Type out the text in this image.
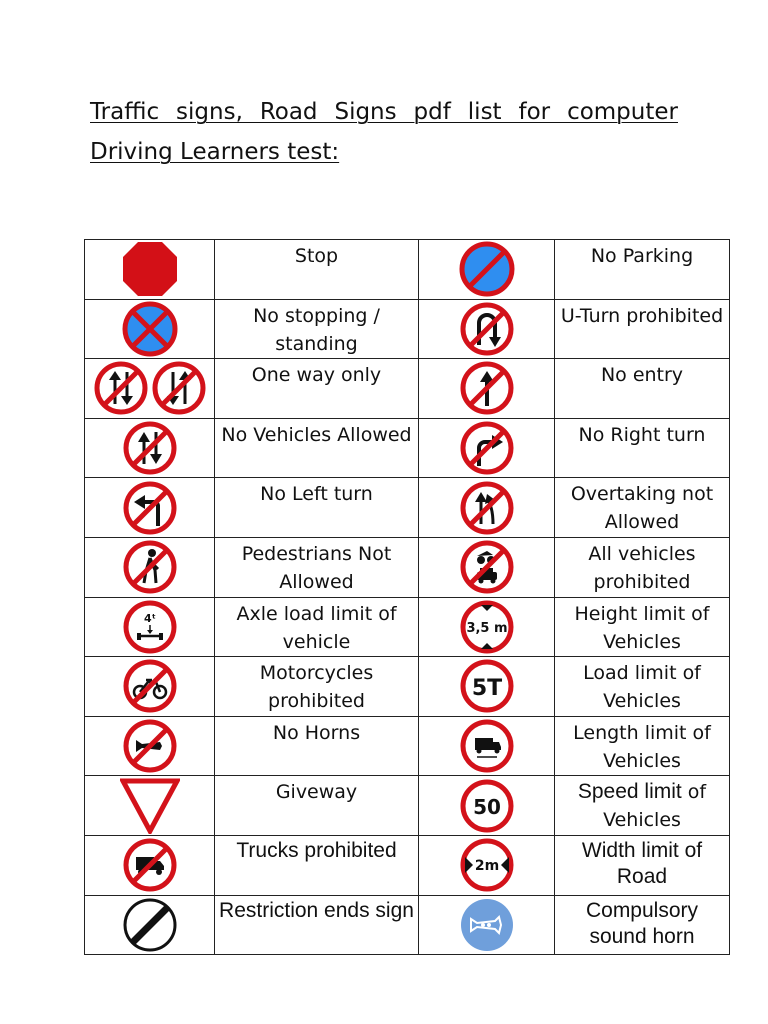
Traffic signs, Road Signs pdf list for computer
Driving Learners test:
	Stop		No Parking
	No stopping / standing		U-Turn prohibited
	One way only		No entry
	No Vehicles Allowed		No Right turn
	No Left turn		Overtaking not Allowed
	Pedestrians Not Allowed		All vehicles prohibited

4ᵗ	Axle load limit of vehicle	3,5 m	Height limit of Vehicles
	Motorcycles prohibited	5T	Load limit of Vehicles
	No Horns		Length limit of Vehicles
	Giveway	50	Speed limit of Vehicles
	Trucks prohibited	2m	Width limit of Road
	Restriction ends sign		Compulsory sound horn
